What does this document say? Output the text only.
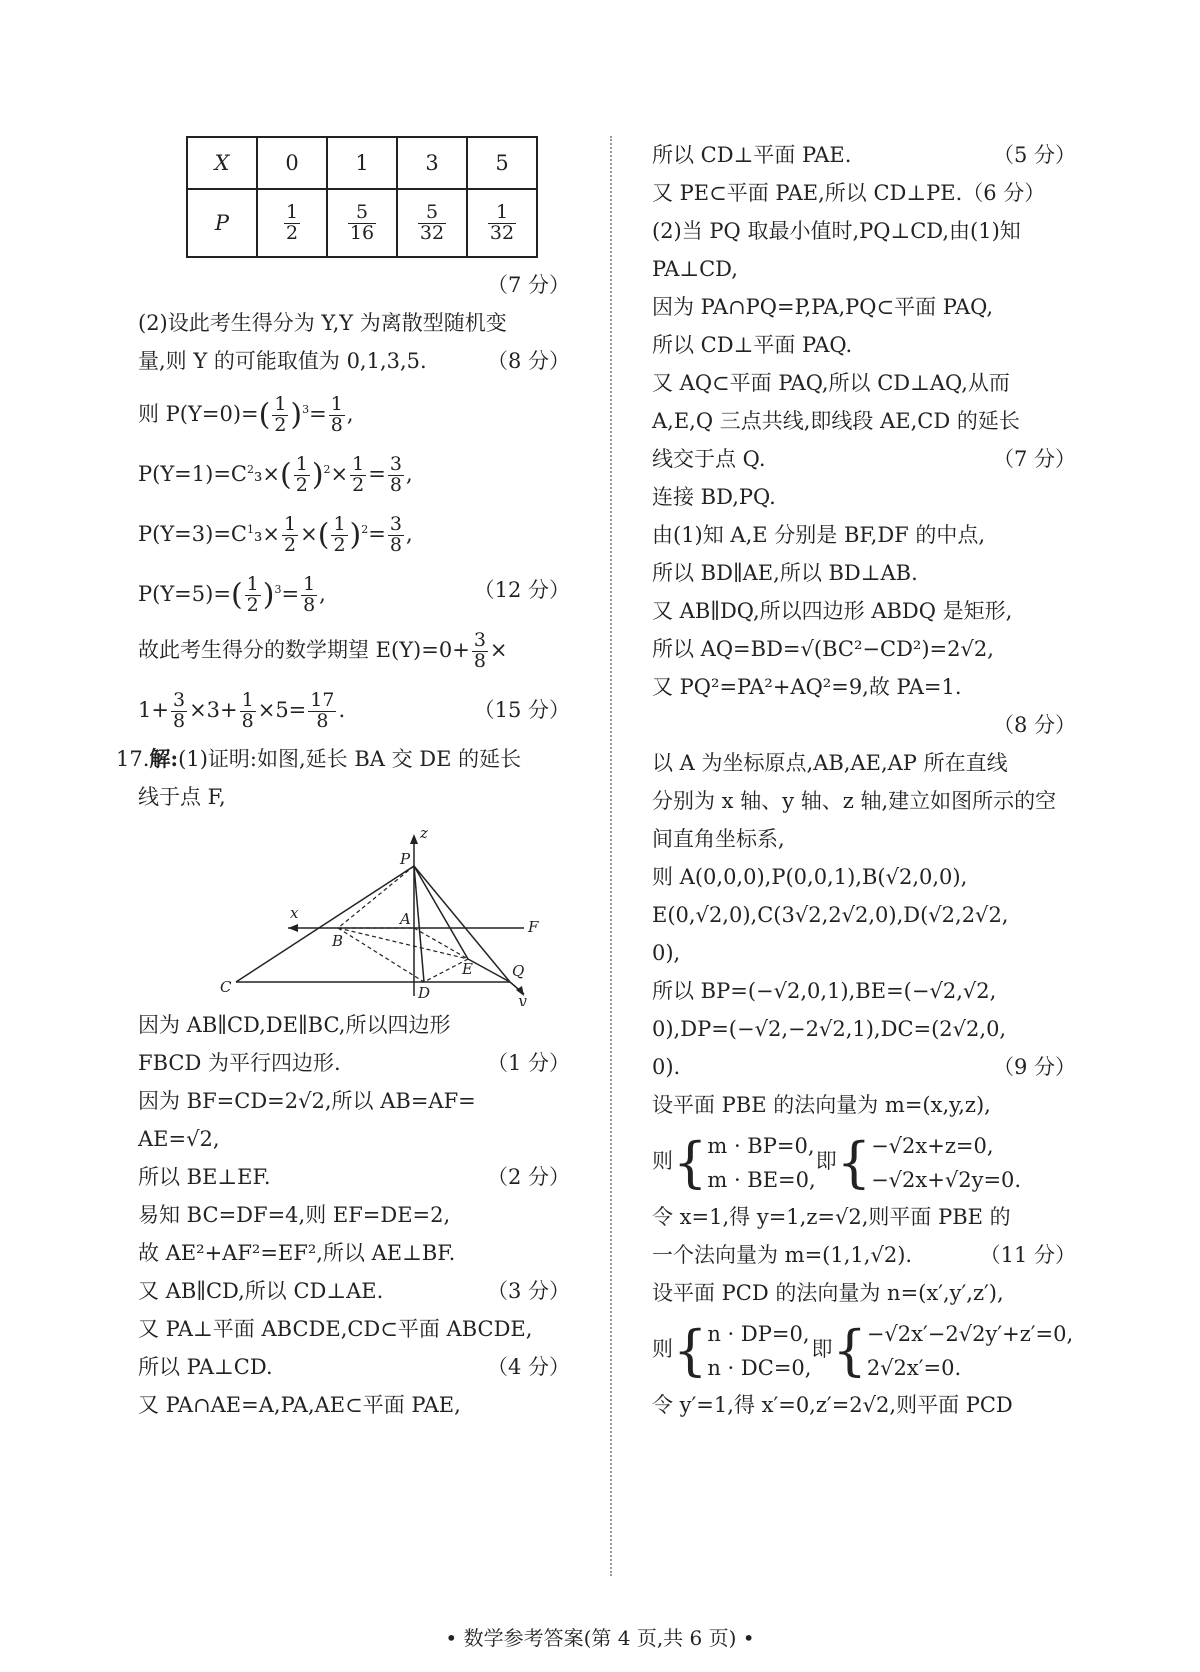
X	0	1	3	5
P	$\frac{1}{2}$	$\frac{5}{16}$	$\frac{5}{32}$	$\frac{1}{32}$
（7 分）
(2)设此考生得分为 Y,Y 为离散型随机变
量,则 Y 的可能取值为 0,1,3,5.	（8 分）
则 $P(Y=0)=( \frac{1}{2} )^3= \frac{1}{8}$ ,
$P(Y=1)=C^2_3\times( \frac{1}{2} )^2\times \frac{1}{2} = \frac{3}{8}$ ,
$P(Y=3)=C^1_3\times \frac{1}{2}$ ×( $\frac{1}{2} )^2= \frac{3}{8}$ ,
$P(Y=5)=( \frac{1}{2} )^3= \frac{1}{8}$ ,	（12 分）
故此考生得分的数学期望 $E(Y)=0+ \frac{3}{8}$ ×
$1+ \frac{3}{8} \times 3+ \frac{1}{8} \times 5= \frac{17}{8}$ .	（15 分）
17.解:(1)证明:如图,延长 BA 交 DE 的延长
线于点 F,
z
P
x	A	F
B
E	Q
C	D	y
因为 AB∥CD,DE∥BC,所以四边形
FBCD 为平行四边形.	（1 分）
因为 BF=CD=2√2,所以 AB=AF=
AE=√2,
所以 BE⊥EF.	（2 分）
易知 BC=DF=4,则 EF=DE=2,
故 AE²+AF²=EF²,所以 AE⊥BF.
又 AB∥CD,所以 CD⊥AE.	（3 分）
又 PA⊥平面 ABCDE,CD⊂平面 ABCDE,
所以 PA⊥CD.	（4 分）
又 PA∩AE=A,PA,AE⊂平面 PAE,
所以 CD⊥平面 PAE.	（5 分）
又 PE⊂平面 PAE,所以 CD⊥PE.（6 分）
(2)当 PQ 取最小值时,PQ⊥CD,由(1)知
PA⊥CD,
因为 PA∩PQ=P,PA,PQ⊂平面 PAQ,
所以 CD⊥平面 PAQ.
又 AQ⊂平面 PAQ,所以 CD⊥AQ,从而
A,E,Q 三点共线,即线段 AE,CD 的延长
线交于点 Q.	（7 分）
连接 BD,PQ.
由(1)知 A,E 分别是 BF,DF 的中点,
所以 BD∥AE,所以 BD⊥AB.
又 AB∥DQ,所以四边形 ABDQ 是矩形,
所以 AQ=BD=√(BC²−CD²)=2√2,
又 PQ²=PA²+AQ²=9,故 PA=1.
（8 分）
以 A 为坐标原点,AB,AE,AP 所在直线
分别为 x 轴、y 轴、z 轴,建立如图所示的空
间直角坐标系,
则 A(0,0,0),P(0,0,1),B(√2,0,0),
E(0,√2,0),C(3√2,2√2,0),D(√2,2√2,
0),
所以 BP=(−√2,0,1),BE=(−√2,√2,
0),DP=(−√2,−2√2,1),DC=(2√2,0,
0).	（9 分）
设平面 PBE 的法向量为 m=(x,y,z),
则{m · BP=0,
m · BE=0,即{−√2x+z=0,
−√2x+√2y=0.
令 x=1,得 y=1,z=√2,则平面 PBE 的
一个法向量为 m=(1,1,√2).	（11 分）
设平面 PCD 的法向量为 n=(x′,y′,z′),
则{n · DP=0,
n · DC=0,即{−√2x′−2√2y′+z′=0,
2√2x′=0.
令 y′=1,得 x′=0,z′=2√2,则平面 PCD
• 数学参考答案(第 4 页,共 6 页) •
